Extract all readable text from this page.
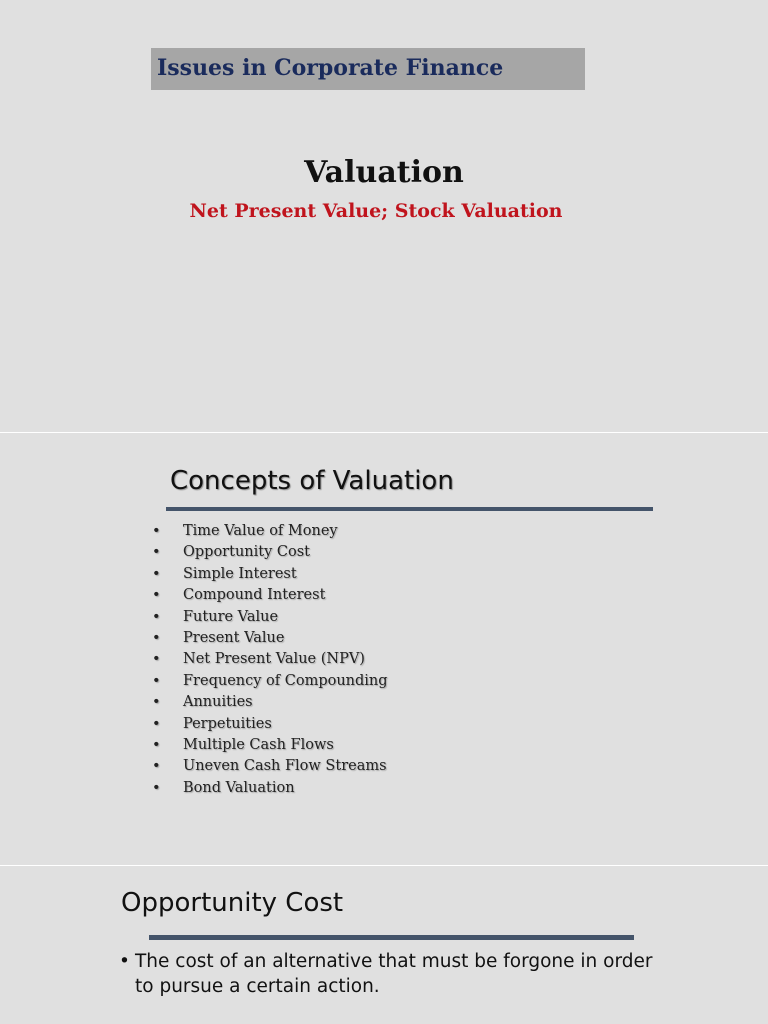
Issues in Corporate Finance
Valuation
Net Present Value; Stock Valuation
Concepts of Valuation
• Time Value of Money
• Opportunity Cost
• Simple Interest
• Compound Interest
• Future Value
• Present Value
• Net Present Value (NPV)
• Frequency of Compounding
• Annuities
• Perpetuities
• Multiple Cash Flows
• Uneven Cash Flow Streams
• Bond Valuation
Opportunity Cost
• The cost of an alternative that must be forgone in order to pursue a certain action.
